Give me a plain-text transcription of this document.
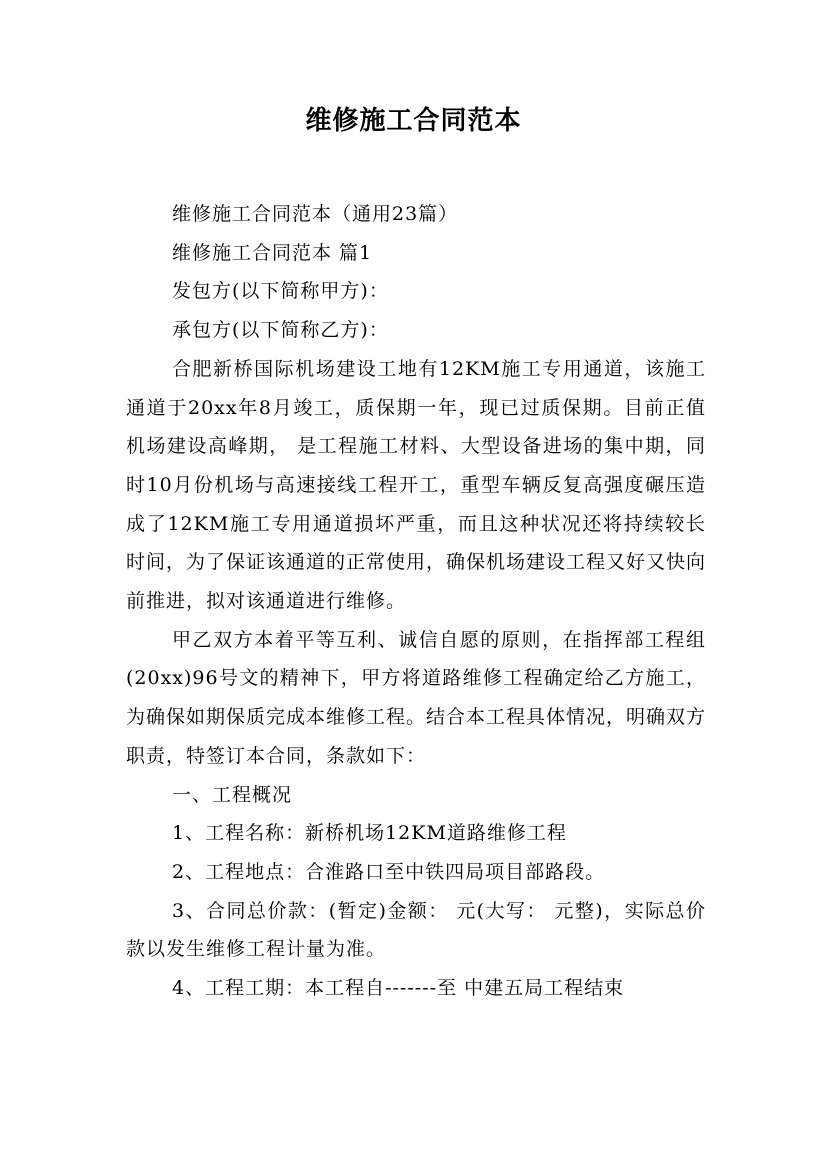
维修施工合同范本

维修施工合同范本（通用23篇）

维修施工合同范本 篇1

发包方(以下简称甲方)：

承包方(以下简称乙方)：

合肥新桥国际机场建设工地有12KM施工专用通道，该施工通道于20xx年8月竣工，质保期一年，现已过质保期。目前正值机场建设高峰期， 是工程施工材料、大型设备进场的集中期，同时10月份机场与高速接线工程开工，重型车辆反复高强度碾压造成了12KM施工专用通道损坏严重，而且这种状况还将持续较长时间，为了保证该通道的正常使用，确保机场建设工程又好又快向前推进，拟对该通道进行维修。

甲乙双方本着平等互利、诚信自愿的原则，在指挥部工程组(20xx)96号文的精神下，甲方将道路维修工程确定给乙方施工，为确保如期保质完成本维修工程。结合本工程具体情况，明确双方职责，特签订本合同，条款如下：

一、工程概况

1、工程名称：新桥机场12KM道路维修工程

2、工程地点：合淮路口至中铁四局项目部路段。

3、合同总价款：(暂定)金额： 元(大写： 元整)，实际总价款以发生维修工程计量为准。

4、工程工期：本工程自-------至 中建五局工程结束
